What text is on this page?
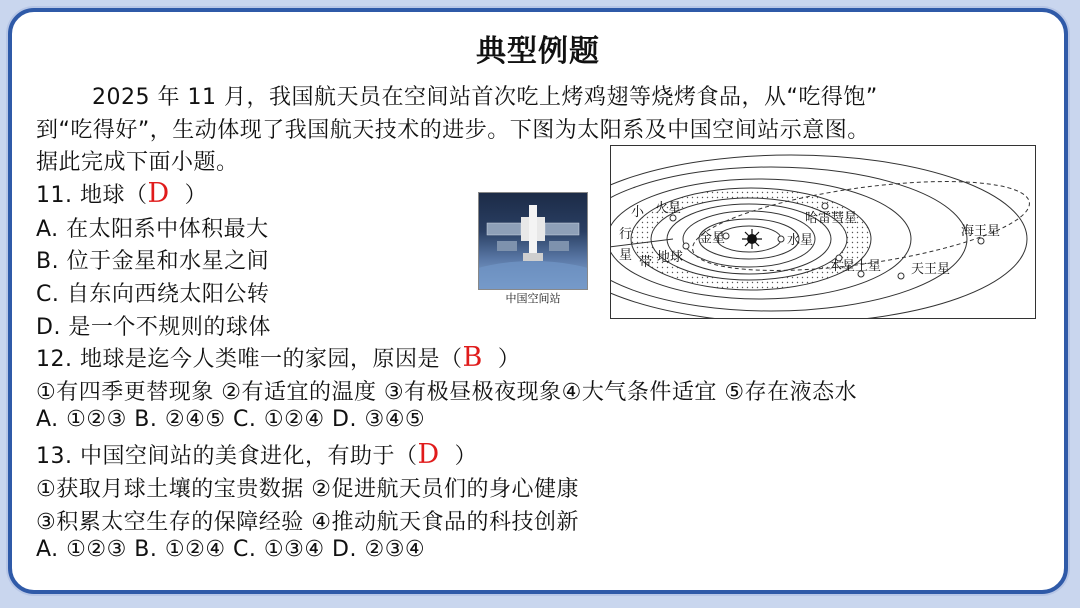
典型例题
2025 年 11 月，我国航天员在空间站首次吃上烤鸡翅等烧烤食品，从“吃得饱”
到“吃得好”，生动体现了我国航天技术的进步。下图为太阳系及中国空间站示意图。
据此完成下面小题。
11. 地球（D  ）
A. 在太阳系中体积最大
B. 位于金星和水星之间
C. 自东向西绕太阳公转
D. 是一个不规则的球体
12. 地球是迄今人类唯一的家园，原因是（B  ）
①有四季更替现象 ②有适宜的温度 ③有极昼极夜现象④大气条件适宜 ⑤存在液态水
A. ①②③ B. ②④⑤ C. ①②④ D. ③④⑤
13. 中国空间站的美食进化，有助于（D  ）
①获取月球土壤的宝贵数据 ②促进航天员们的身心健康
③积累太空生存的保障经验 ④推动航天食品的科技创新
A. ①②③ B. ①②④ C. ①③④ D. ②③④
中国空间站
小
行
星 带
火星
金星	水星
地球
哈雷彗星
木星 土星 天王星
海王星
